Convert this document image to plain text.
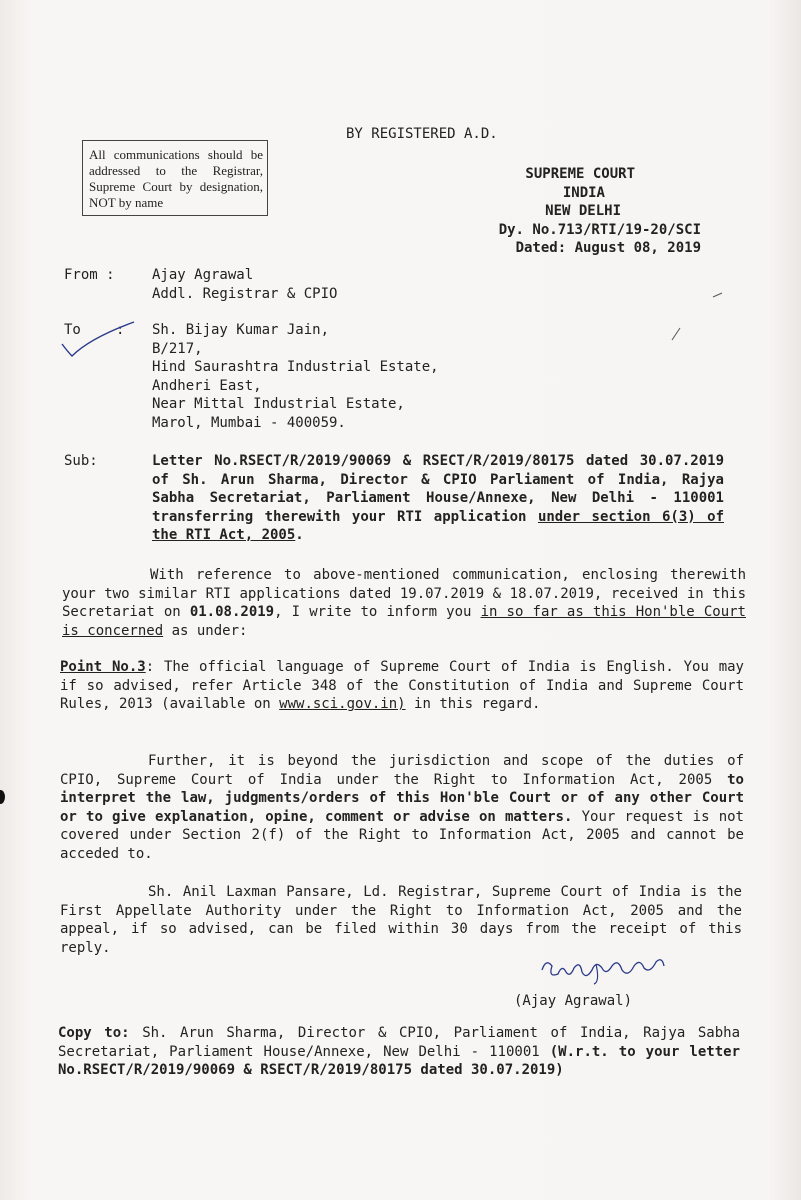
BY REGISTERED A.D.
All communications should be addressed to the Registrar, Supreme Court by designation, NOT by name
SUPREME COURT
INDIA
NEW DELHI
Dy. No.713/RTI/19-20/SCI
Dated: August 08, 2019
From :	Ajay Agrawal
Addl. Registrar & CPIO
To	: Sh. Bijay Kumar Jain,
B/217,
Hind Saurashtra Industrial Estate,
Andheri East,
Near Mittal Industrial Estate,
Marol, Mumbai - 400059.
Sub:	Letter No.RSECT/R/2019/90069 & RSECT/R/2019/80175 dated 30.07.2019 of Sh. Arun Sharma, Director & CPIO Parliament of India, Rajya Sabha Secretariat, Parliament House/Annexe, New Delhi - 110001 transferring therewith your RTI application under section 6(3) of the RTI Act, 2005.
With reference to above-mentioned communication, enclosing therewith your two similar RTI applications dated 19.07.2019 & 18.07.2019, received in this Secretariat on 01.08.2019, I write to inform you in so far as this Hon'ble Court is concerned as under:
Point No.3: The official language of Supreme Court of India is English. You may if so advised, refer Article 348 of the Constitution of India and Supreme Court Rules, 2013 (available on www.sci.gov.in) in this regard.
Further, it is beyond the jurisdiction and scope of the duties of CPIO, Supreme Court of India under the Right to Information Act, 2005 to interpret the law, judgments/orders of this Hon'ble Court or of any other Court or to give explanation, opine, comment or advise on matters. Your request is not covered under Section 2(f) of the Right to Information Act, 2005 and cannot be acceded to.
Sh. Anil Laxman Pansare, Ld. Registrar, Supreme Court of India is the First Appellate Authority under the Right to Information Act, 2005 and the appeal, if so advised, can be filed within 30 days from the receipt of this reply.
(Ajay Agrawal)
Copy to: Sh. Arun Sharma, Director & CPIO, Parliament of India, Rajya Sabha Secretariat, Parliament House/Annexe, New Delhi - 110001 (W.r.t. to your letter No.RSECT/R/2019/90069 & RSECT/R/2019/80175 dated 30.07.2019)
